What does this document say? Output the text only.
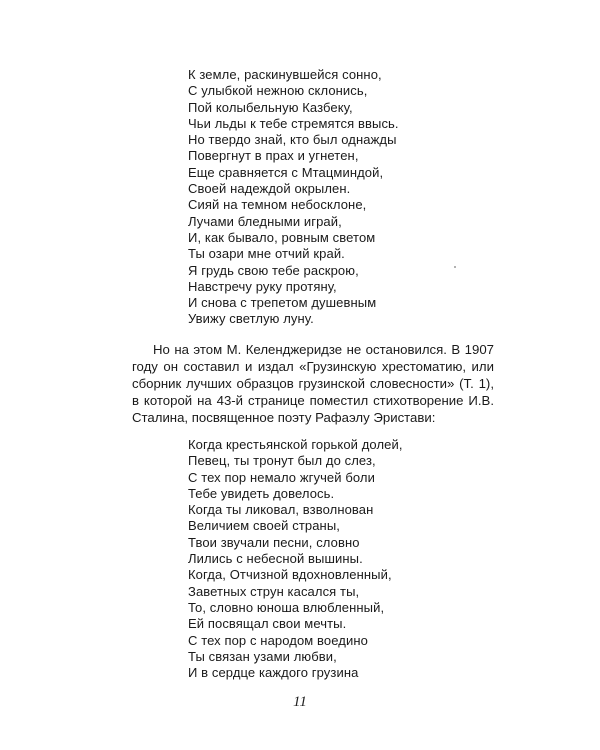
К земле, раскинувшейся сонно,
С улыбкой нежною склонись,
Пой колыбельную Казбеку,
Чьи льды к тебе стремятся ввысь.
Но твердо знай, кто был однажды
Повергнут в прах и угнетен,
Еще сравняется с Мтацминдой,
Своей надеждой окрылен.
Сияй на темном небосклоне,
Лучами бледными играй,
И, как бывало, ровным светом
Ты озари мне отчий край.
Я грудь свою тебе раскрою,
Навстречу руку протяну,
И снова с трепетом душевным
Увижу светлую луну.

Но на этом М. Келенджеридзе не остановился. В 1907 году он составил и издал «Грузинскую хрестоматию, или сборник лучших образцов грузинской словесности» (Т. 1), в которой на 43-й странице поместил стихотворение И.В. Сталина, посвященное поэту Рафаэлу Эристави:

Когда крестьянской горькой долей,
Певец, ты тронут был до слез,
С тех пор немало жгучей боли
Тебе увидеть довелось.
Когда ты ликовал, взволнован
Величием своей страны,
Твои звучали песни, словно
Лились с небесной вышины.
Когда, Отчизной вдохновленный,
Заветных струн касался ты,
То, словно юноша влюбленный,
Ей посвящал свои мечты.
С тех пор с народом воедино
Ты связан узами любви,
И в сердце каждого грузина
11
